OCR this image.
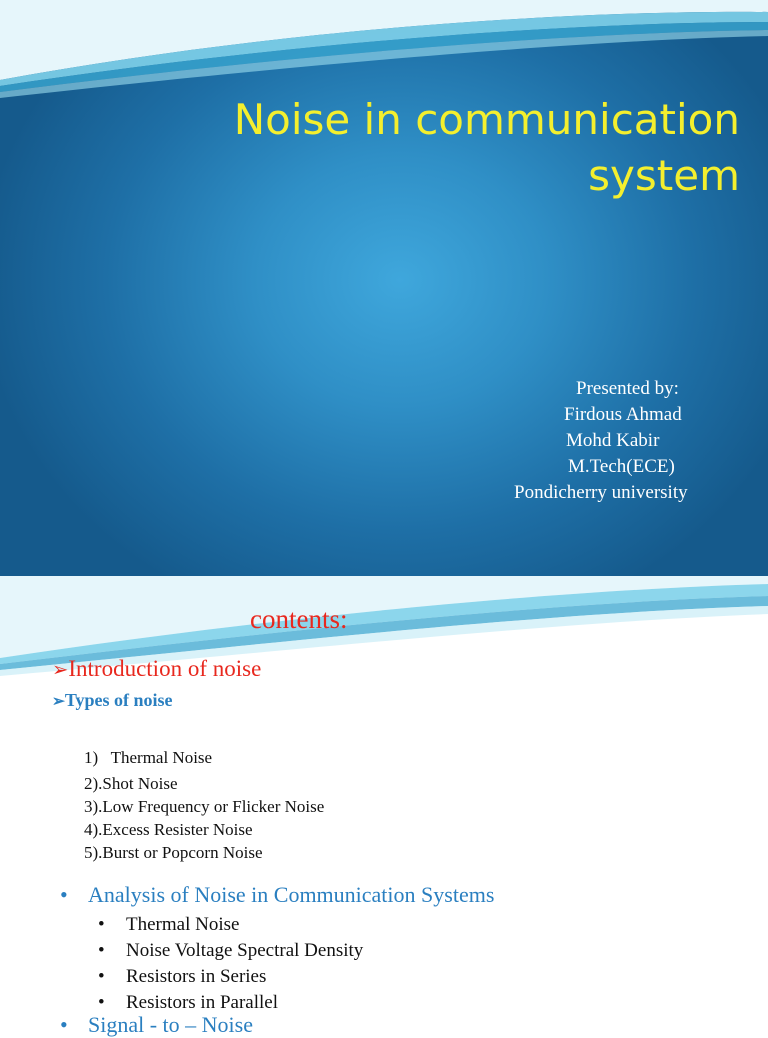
Noise in communication
system
Presented by:
Firdous Ahmad
Mohd Kabir
M.Tech(ECE)
Pondicherry university
contents:
➢Introduction of noise
➢Types of noise
1)   Thermal Noise
2).Shot Noise
3).Low Frequency or Flicker Noise
4).Excess Resister Noise
5).Burst or Popcorn Noise
• Analysis of Noise in Communication Systems
• Thermal Noise
• Noise Voltage Spectral Density
• Resistors in Series
• Resistors in Parallel
• Signal - to – Noise
